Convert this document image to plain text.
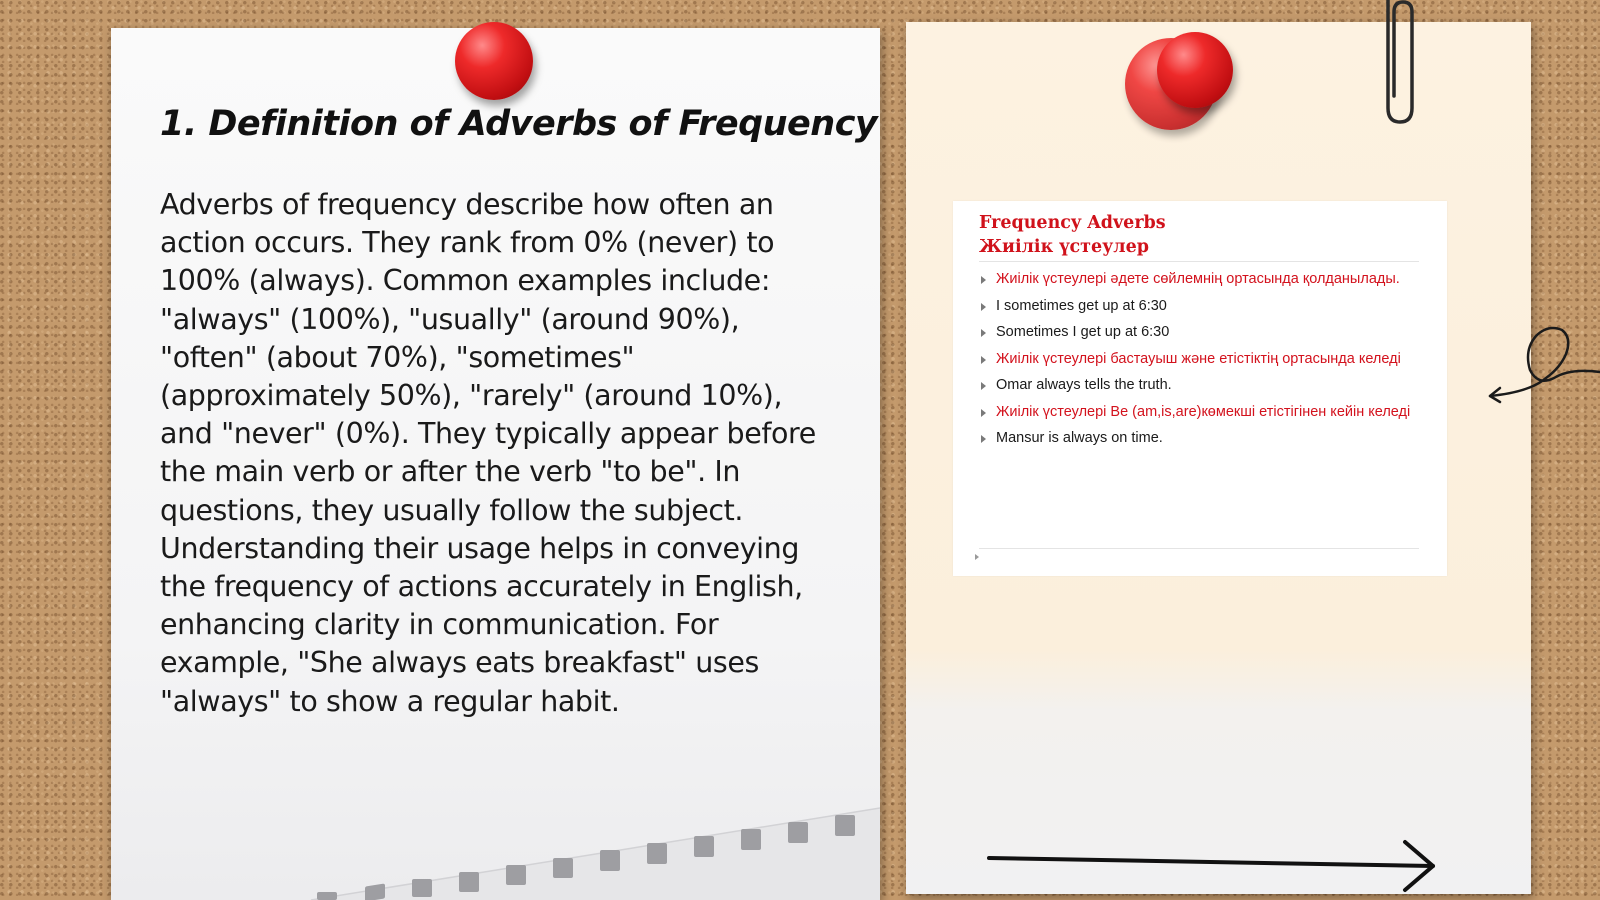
1. Definition of Adverbs of Frequency

Adverbs of frequency describe how often an action occurs. They rank from 0% (never) to 100% (always). Common examples include: "always" (100%), "usually" (around 90%), "often" (about 70%), "sometimes" (approximately 50%), "rarely" (around 10%), and "never" (0%). They typically appear before the main verb or after the verb "to be". In questions, they usually follow the subject. Understanding their usage helps in conveying the frequency of actions accurately in English, enhancing clarity in communication. For example, "She always eats breakfast" uses "always" to show a regular habit.

Frequency Adverbs
Жиілік үстеулер
Жиілік үстеулері әдете сөйлемнің ортасында қолданылады.
I sometimes get up at 6:30
Sometimes I get up at 6:30
Жиілік үстеулері бастауыш және етістіктің ортасында келеді
Omar always tells the truth.
Жиілік үстеулері Be (am,is,are)көмекші етістігінен кейін келеді
Mansur is always on time.
